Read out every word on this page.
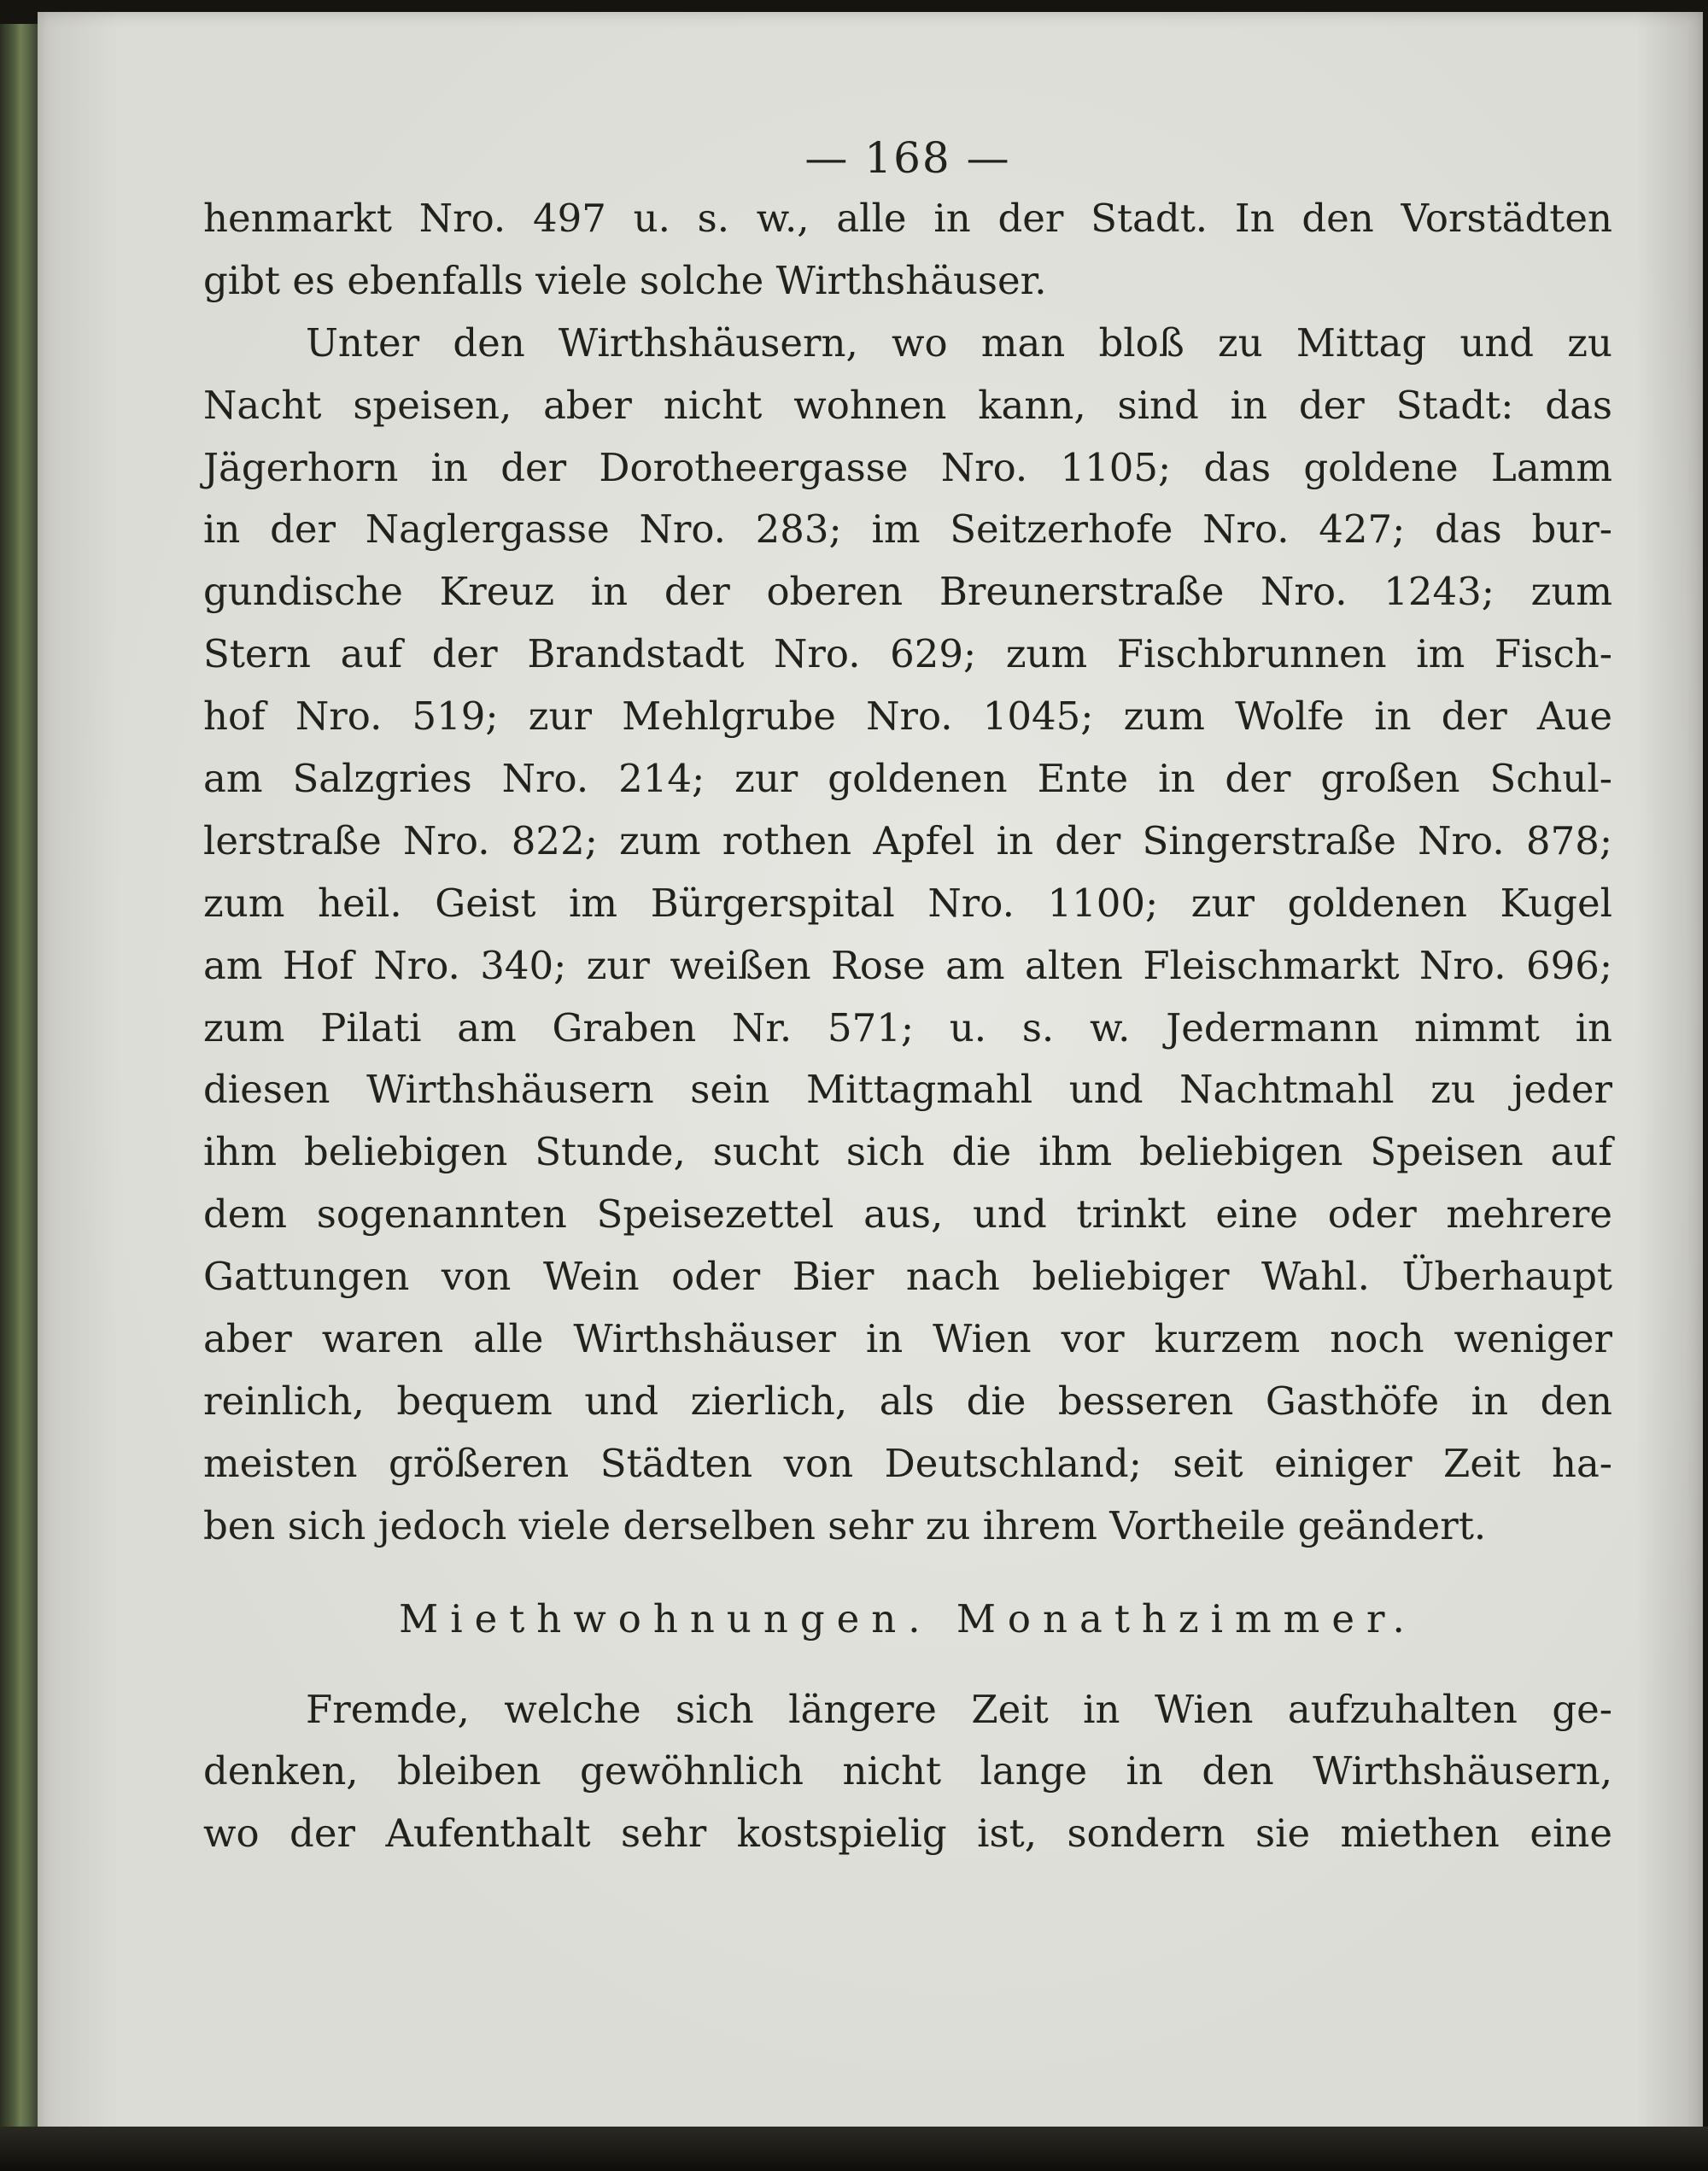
— 168 —
henmarkt Nro. 497 u. s. w., alle in der Stadt. In den Vorstädten
gibt es ebenfalls viele solche Wirthshäuser.
Unter den Wirthshäusern, wo man bloß zu Mittag und zu
Nacht speisen, aber nicht wohnen kann, sind in der Stadt: das
Jägerhorn in der Dorotheergasse Nro. 1105; das goldene Lamm
in der Naglergasse Nro. 283; im Seitzerhofe Nro. 427; das bur-
gundische Kreuz in der oberen Breunerstraße Nro. 1243; zum
Stern auf der Brandstadt Nro. 629; zum Fischbrunnen im Fisch-
hof Nro. 519; zur Mehlgrube Nro. 1045; zum Wolfe in der Aue
am Salzgries Nro. 214; zur goldenen Ente in der großen Schul-
lerstraße Nro. 822; zum rothen Apfel in der Singerstraße Nro. 878;
zum heil. Geist im Bürgerspital Nro. 1100; zur goldenen Kugel
am Hof Nro. 340; zur weißen Rose am alten Fleischmarkt Nro. 696;
zum Pilati am Graben Nr. 571; u. s. w. Jedermann nimmt in
diesen Wirthshäusern sein Mittagmahl und Nachtmahl zu jeder
ihm beliebigen Stunde, sucht sich die ihm beliebigen Speisen auf
dem sogenannten Speisezettel aus, und trinkt eine oder mehrere
Gattungen von Wein oder Bier nach beliebiger Wahl. Überhaupt
aber waren alle Wirthshäuser in Wien vor kurzem noch weniger
reinlich, bequem und zierlich, als die besseren Gasthöfe in den
meisten größeren Städten von Deutschland; seit einiger Zeit ha-
ben sich jedoch viele derselben sehr zu ihrem Vortheile geändert.
Miethwohnungen. Monathzimmer.
Fremde, welche sich längere Zeit in Wien aufzuhalten ge-
denken, bleiben gewöhnlich nicht lange in den Wirthshäusern,
wo der Aufenthalt sehr kostspielig ist, sondern sie miethen eine
